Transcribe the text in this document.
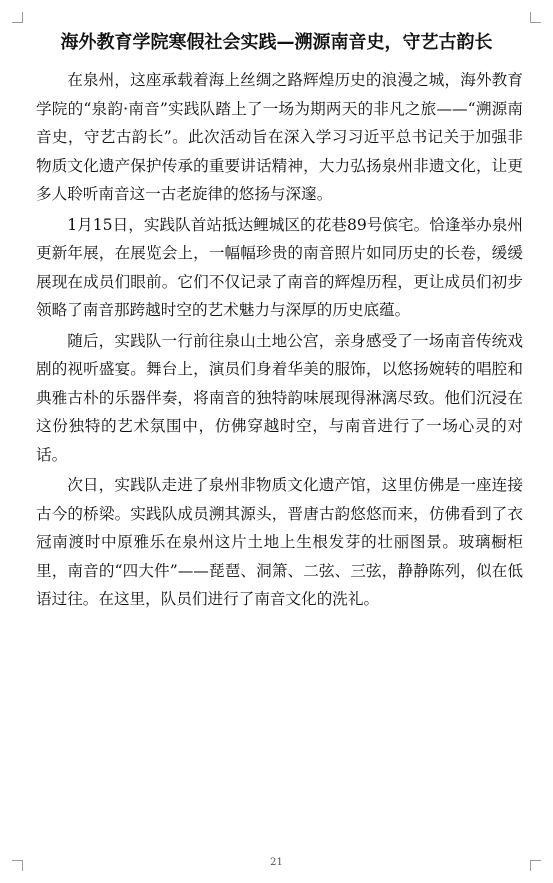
海外教育学院寒假社会实践—溯源南音史，守艺古韵长

在泉州，这座承载着海上丝绸之路辉煌历史的浪漫之城，海外教育学院的“泉韵·南音”实践队踏上了一场为期两天的非凡之旅——“溯源南音史，守艺古韵长”。此次活动旨在深入学习习近平总书记关于加强非物质文化遗产保护传承的重要讲话精神，大力弘扬泉州非遗文化，让更多人聆听南音这一古老旋律的悠扬与深邃。

1月15日，实践队首站抵达鲤城区的花巷89号傧宅。恰逢举办泉州更新年展，在展览会上，一幅幅珍贵的南音照片如同历史的长卷，缓缓展现在成员们眼前。它们不仅记录了南音的辉煌历程，更让成员们初步领略了南音那跨越时空的艺术魅力与深厚的历史底蕴。

随后，实践队一行前往泉山土地公宫，亲身感受了一场南音传统戏剧的视听盛宴。舞台上，演员们身着华美的服饰，以悠扬婉转的唱腔和典雅古朴的乐器伴奏，将南音的独特韵味展现得淋漓尽致。他们沉浸在这份独特的艺术氛围中，仿佛穿越时空，与南音进行了一场心灵的对话。

次日，实践队走进了泉州非物质文化遗产馆，这里仿佛是一座连接古今的桥梁。实践队成员溯其源头，晋唐古韵悠悠而来，仿佛看到了衣冠南渡时中原雅乐在泉州这片土地上生根发芽的壮丽图景。玻璃橱柜里，南音的“四大件”——琵琶、洞箫、二弦、三弦，静静陈列，似在低语过往。在这里，队员们进行了南音文化的洗礼。

21
